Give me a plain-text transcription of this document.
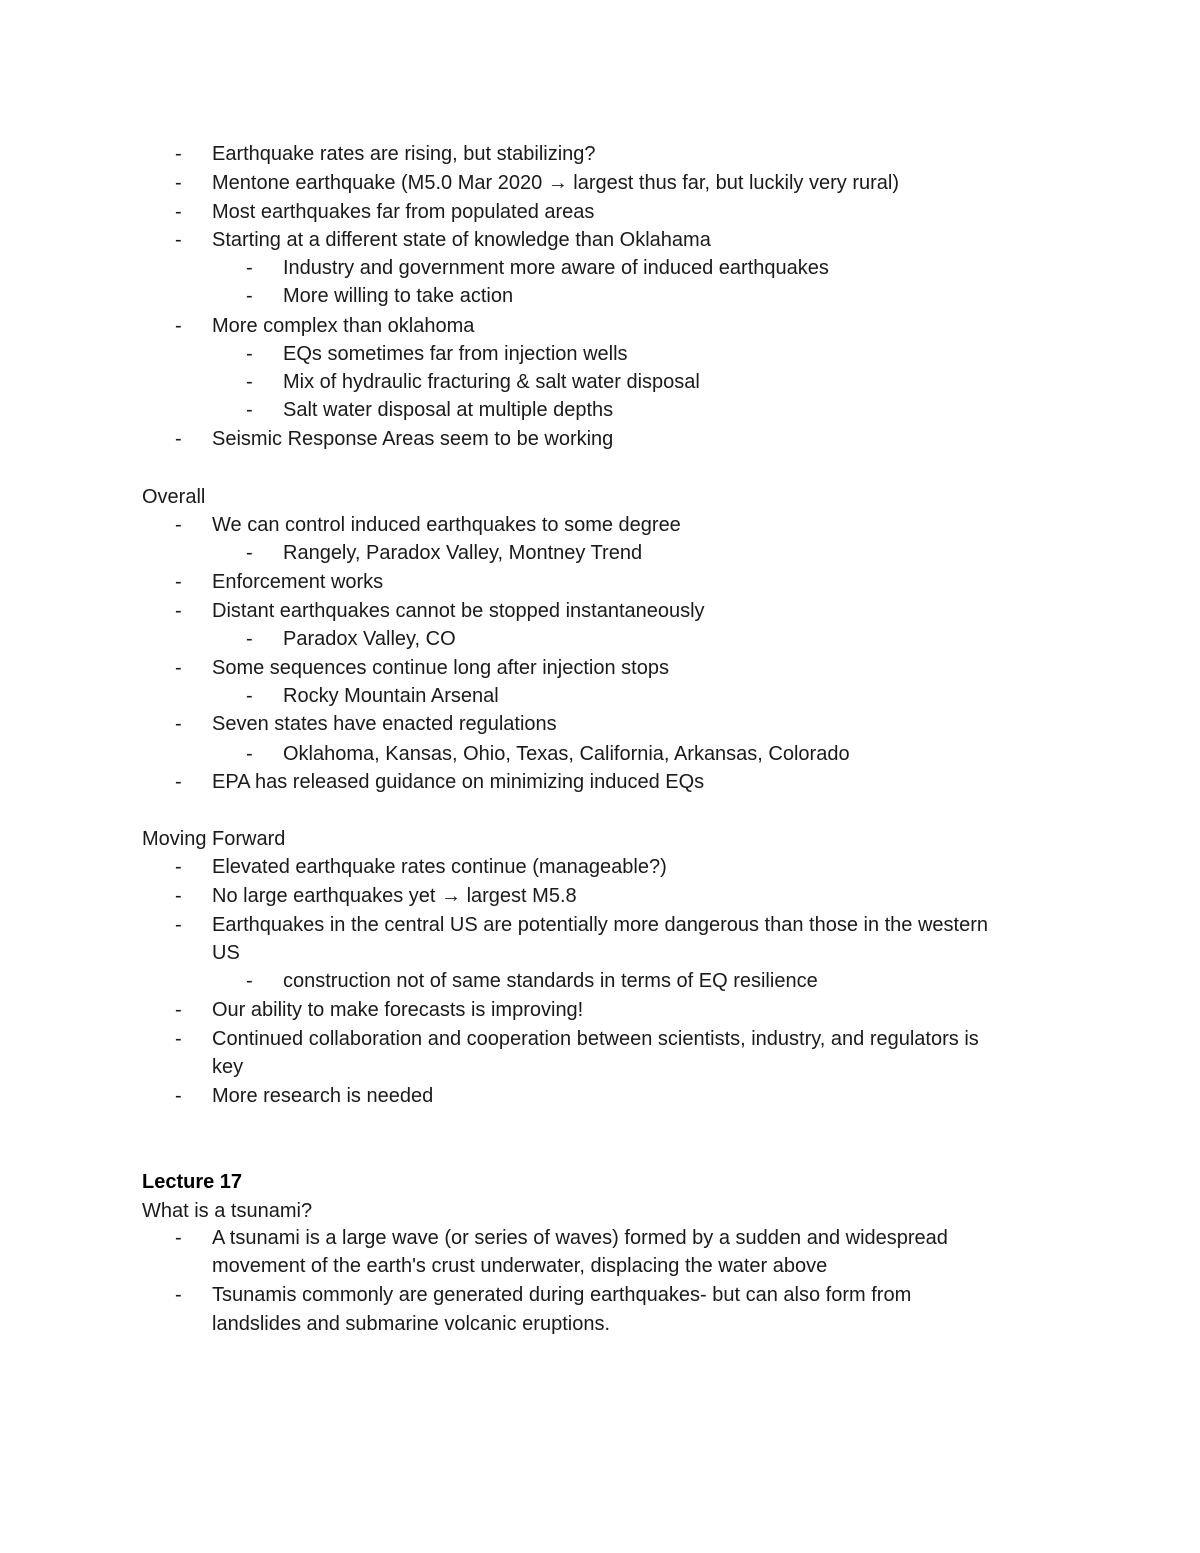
- Earthquake rates are rising, but stabilizing?
- Mentone earthquake (M5.0 Mar 2020 → largest thus far, but luckily very rural)
- Most earthquakes far from populated areas
- Starting at a different state of knowledge than Oklahama
- Industry and government more aware of induced earthquakes
- More willing to take action
- More complex than oklahoma
- EQs sometimes far from injection wells
- Mix of hydraulic fracturing & salt water disposal
- Salt water disposal at multiple depths
- Seismic Response Areas seem to be working
Overall
- We can control induced earthquakes to some degree
- Rangely, Paradox Valley, Montney Trend
- Enforcement works
- Distant earthquakes cannot be stopped instantaneously
- Paradox Valley, CO
- Some sequences continue long after injection stops
- Rocky Mountain Arsenal
- Seven states have enacted regulations
- Oklahoma, Kansas, Ohio, Texas, California, Arkansas, Colorado
- EPA has released guidance on minimizing induced EQs
Moving Forward
- Elevated earthquake rates continue (manageable?)
- No large earthquakes yet → largest M5.8
- Earthquakes in the central US are potentially more dangerous than those in the western
US
- construction not of same standards in terms of EQ resilience
- Our ability to make forecasts is improving!
- Continued collaboration and cooperation between scientists, industry, and regulators is
key
- More research is needed
Lecture 17
What is a tsunami?
- A tsunami is a large wave (or series of waves) formed by a sudden and widespread
movement of the earth's crust underwater, displacing the water above
- Tsunamis commonly are generated during earthquakes- but can also form from
landslides and submarine volcanic eruptions.
